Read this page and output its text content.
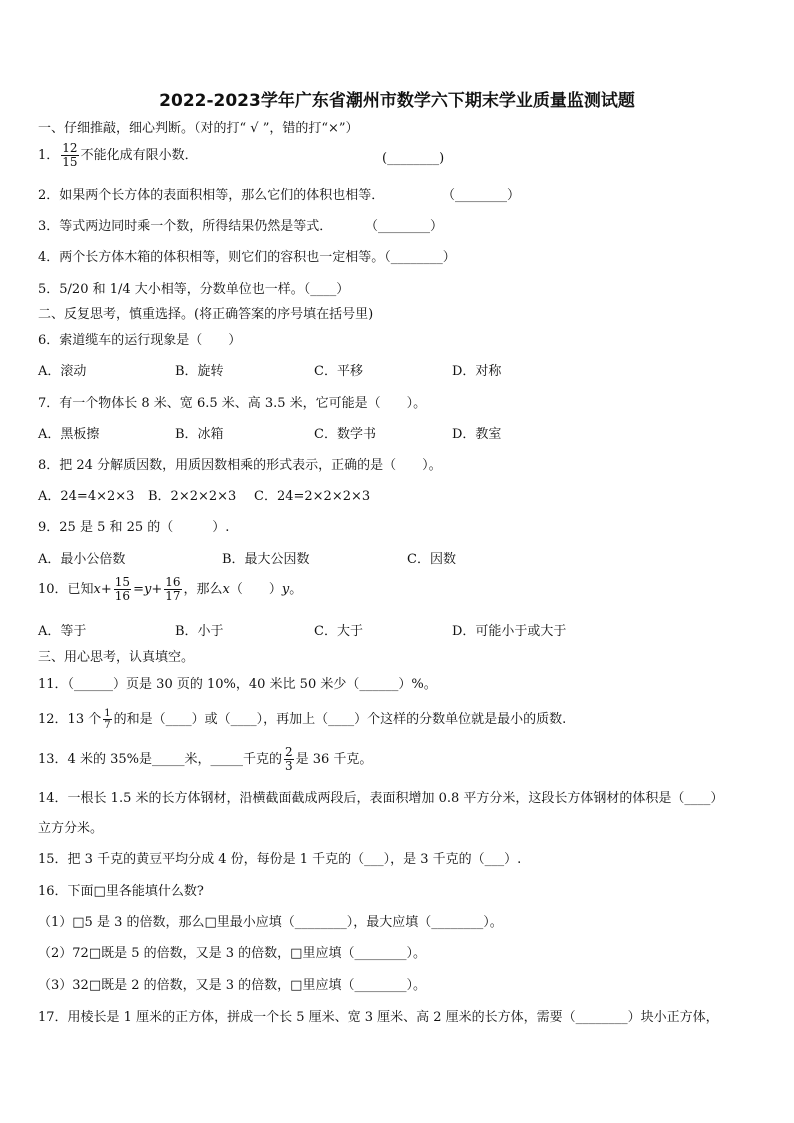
2022-2023学年广东省潮州市数学六下期末学业质量监测试题
一、仔细推敲，细心判断。（对的打“ √ ”，错的打“×”）
1． $\frac{12}{15}$ 不能化成有限小数．	(________)
2．如果两个长方体的表面积相等，那么它们的体积也相等．	（________）
3．等式两边同时乘一个数，所得结果仍然是等式．	（________）
4．两个长方体木箱的体积相等，则它们的容积也一定相等。（________）
5．5/20 和 1/4 大小相等，分数单位也一样。（____）
二、反复思考，慎重选择。(将正确答案的序号填在括号里)
6．索道缆车的运行现象是（　　）
A．滚动	B．旋转	C．平移	D．对称
7．有一个物体长 8 米、宽 6.5 米、高 3.5 米，它可能是（　　）。
A．黑板擦	B．冰箱	C．数学书	D．教室
8．把 24 分解质因数，用质因数相乘的形式表示，正确的是（　　）。
A．24=4×2×3 B．2×2×2×3 C．24=2×2×2×3
9．25 是 5 和 25 的（　　　）.
A．最小公倍数	B．最大公因数	C．因数
10．已知$x+ \frac{15}{16} =y+ \frac{16}{17}$ ，那么x（　　）y。
A．等于	B．小于	C．大于	D．可能小于或大于
三、用心思考，认真填空。
11．（______）页是 30 页的 10%，40 米比 50 米少（______）%。
12．13 个 $\frac{1}{7}$ 的和是（____）或（____），再加上（____）个这样的分数单位就是最小的质数.
13．4 米的 35%是_____米，_____千克的 $\frac{2}{3}$ 是 36 千克。
14．一根长 1.5 米的长方体钢材，沿横截面截成两段后，表面积增加 0.8 平方分米，这段长方体钢材的体积是（____）
立方分米。
15．把 3 千克的黄豆平均分成 4 份，每份是 1 千克的（___），是 3 千克的（___）.
16．下面□里各能填什么数?
（1）□5 是 3 的倍数，那么□里最小应填（________），最大应填（________）。
（2）72□既是 5 的倍数，又是 3 的倍数，□里应填（________）。
（3）32□既是 2 的倍数，又是 3 的倍数，□里应填（________）。
17．用棱长是 1 厘米的正方体，拼成一个长 5 厘米、宽 3 厘米、高 2 厘米的长方体，需要（________）块小正方体，
